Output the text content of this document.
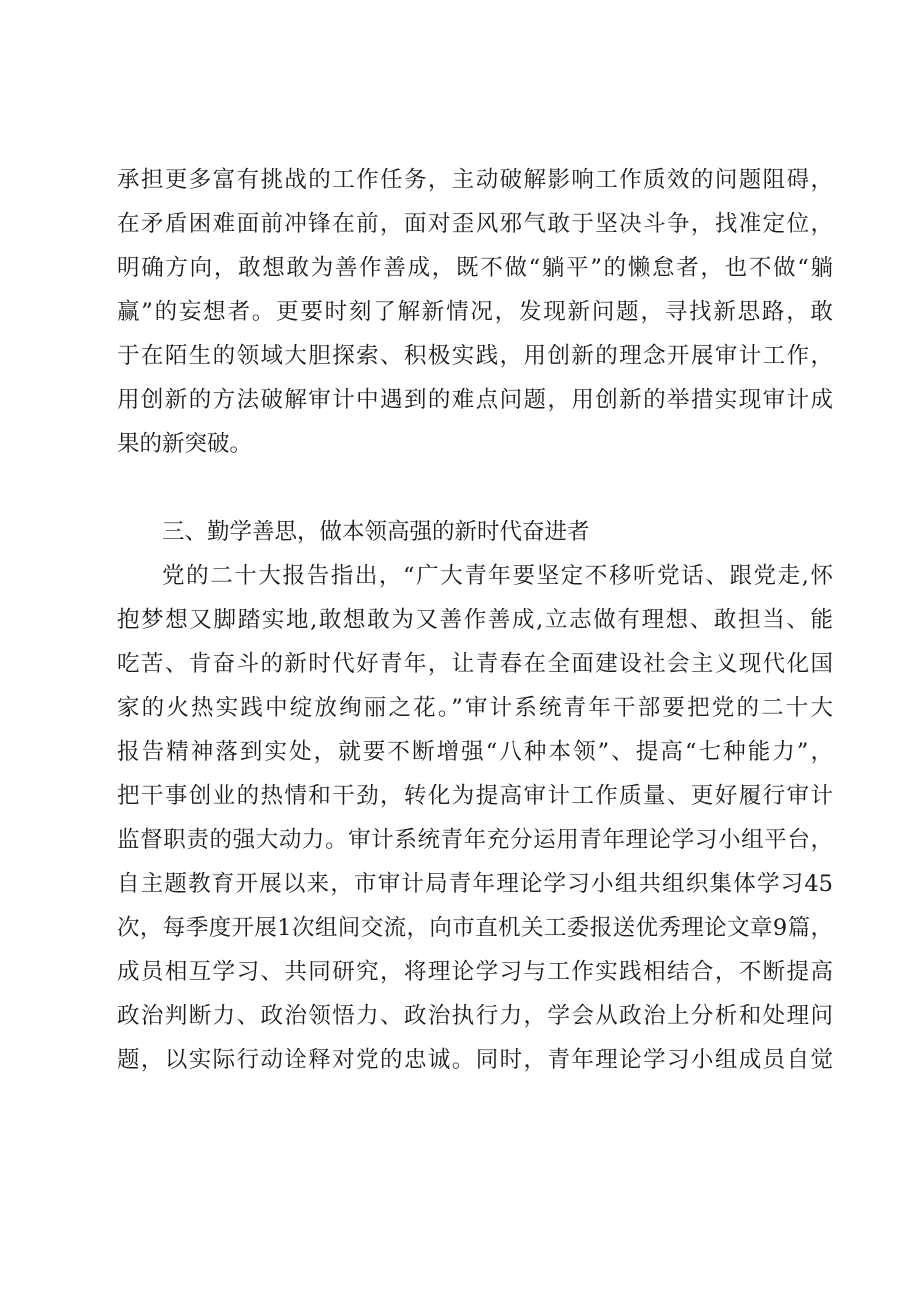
承担更多富有挑战的工作任务，主动破解影响工作质效的问题阻碍，
在矛盾困难面前冲锋在前，面对歪风邪气敢于坚决斗争，找准定位，
明确方向，敢想敢为善作善成，既不做“躺平”的懒怠者，也不做“躺
赢”的妄想者。更要时刻了解新情况，发现新问题，寻找新思路，敢
于在陌生的领域大胆探索、积极实践，用创新的理念开展审计工作，
用创新的方法破解审计中遇到的难点问题，用创新的举措实现审计成
果的新突破。
三、勤学善思，做本领高强的新时代奋进者
党的二十大报告指出，“广大青年要坚定不移听党话、跟党走,怀
抱梦想又脚踏实地,敢想敢为又善作善成,立志做有理想、敢担当、能
吃苦、肯奋斗的新时代好青年，让青春在全面建设社会主义现代化国
家的火热实践中绽放绚丽之花。”审计系统青年干部要把党的二十大
报告精神落到实处，就要不断增强“八种本领”、提高“七种能力”，
把干事创业的热情和干劲，转化为提高审计工作质量、更好履行审计
监督职责的强大动力。审计系统青年充分运用青年理论学习小组平台，
自主题教育开展以来，市审计局青年理论学习小组共组织集体学习45
次，每季度开展1次组间交流，向市直机关工委报送优秀理论文章9篇，
成员相互学习、共同研究，将理论学习与工作实践相结合，不断提高
政治判断力、政治领悟力、政治执行力，学会从政治上分析和处理问
题，以实际行动诠释对党的忠诚。同时，青年理论学习小组成员自觉
